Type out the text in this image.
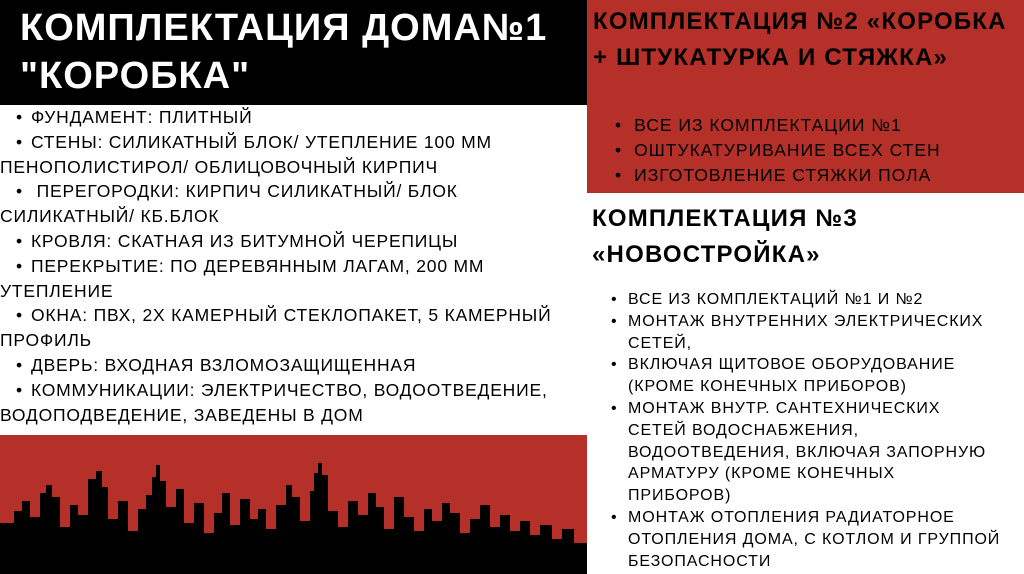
КОМПЛЕКТАЦИЯ ДОМА№1 "КОРОБКА"
• ФУНДАМЕНТ: ПЛИТНЫЙ
• СТЕНЫ: СИЛИКАТНЫЙ БЛОК/ УТЕПЛЕНИЕ 100 ММ ПЕНОПОЛИСТИРОЛ/ ОБЛИЦОВОЧНЫЙ КИРПИЧ
• ПЕРЕГОРОДКИ: КИРПИЧ СИЛИКАТНЫЙ/ БЛОК СИЛИКАТНЫЙ/ КБ.БЛОК
• КРОВЛЯ: СКАТНАЯ ИЗ БИТУМНОЙ ЧЕРЕПИЦЫ
• ПЕРЕКРЫТИЕ: ПО ДЕРЕВЯННЫМ ЛАГАМ, 200 ММ УТЕПЛЕНИЕ
• ОКНА: ПВХ, 2Х КАМЕРНЫЙ СТЕКЛОПАКЕТ, 5 КАМЕРНЫЙ ПРОФИЛЬ
• ДВЕРЬ: ВХОДНАЯ ВЗЛОМОЗАЩИЩЕННАЯ
• КОММУНИКАЦИИ: ЭЛЕКТРИЧЕСТВО, ВОДООТВЕДЕНИЕ, ВОДОПОДВЕДЕНИЕ, ЗАВЕДЕНЫ В ДОМ
КОМПЛЕКТАЦИЯ №2 «КОРОБКА + ШТУКАТУРКА И СТЯЖКА»
• ВСЕ ИЗ КОМПЛЕКТАЦИИ №1
• ОШТУКАТУРИВАНИЕ ВСЕХ СТЕН
• ИЗГОТОВЛЕНИЕ СТЯЖКИ ПОЛА
КОМПЛЕКТАЦИЯ №3 «НОВОСТРОЙКА»
• ВСЕ ИЗ КОМПЛЕКТАЦИЙ №1 И №2
• МОНТАЖ ВНУТРЕННИХ ЭЛЕКТРИЧЕСКИХ СЕТЕЙ,
• ВКЛЮЧАЯ ЩИТОВОЕ ОБОРУДОВАНИЕ (КРОМЕ КОНЕЧНЫХ ПРИБОРОВ)
• МОНТАЖ ВНУТР. САНТЕХНИЧЕСКИХ СЕТЕЙ ВОДОСНАБЖЕНИЯ, ВОДООТВЕДЕНИЯ, ВКЛЮЧАЯ ЗАПОРНУЮ АРМАТУРУ (КРОМЕ КОНЕЧНЫХ ПРИБОРОВ)
• МОНТАЖ ОТОПЛЕНИЯ РАДИАТОРНОЕ ОТОПЛЕНИЯ ДОМА, С КОТЛОМ И ГРУППОЙ БЕЗОПАСНОСТИ
